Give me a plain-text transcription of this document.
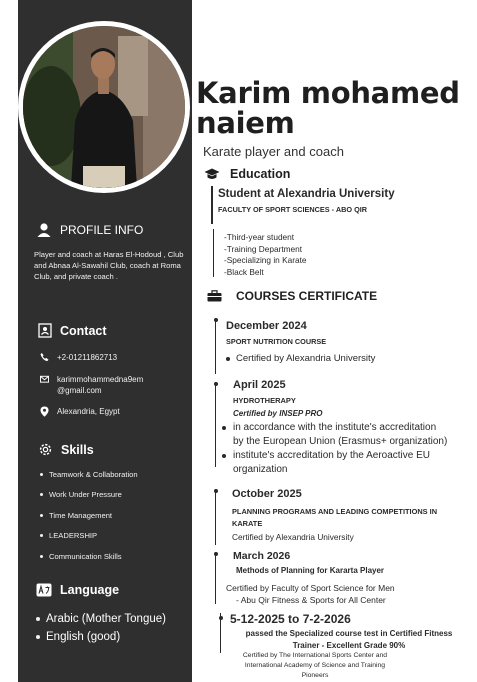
Karim mohamed naiem
Karate player and coach
PROFILE INFO
Player and coach at Haras El-Hodoud , Club and Abnaa Al-Sawahil Club, coach at Roma Club, and private coach .
Contact
+2-01211862713
karimmohammedna9em
@gmail.com
Alexandria, Egypt
Skills
Teamwork & Collaboration
Work Under Pressure
Time Management
LEADERSHIP
Communication Skills
Language
Arabic (Mother Tongue)
English (good)
Education
Student at Alexandria University
FACULTY OF SPORT SCIENCES - ABO QIR
-Third-year student
-Training Department
-Specializing in Karate
-Black Belt
COURSES CERTIFICATE
December 2024
SPORT NUTRITION COURSE
Certified by Alexandria University
April 2025
HYDROTHERAPY
Certified by INSEP PRO
in accordance with the institute's accreditation
by the European Union (Erasmus+ organization)
institute's accreditation by the Aeroactive EU
organization
October 2025
PLANNING PROGRAMS AND LEADING COMPETITIONS IN
KARATE
Certified by Alexandria University
March 2026
Methods of Planning for Kararta Player
Certified by Faculty of Sport Science for Men
- Abu Qir Fitness & Sports for All Center
5-12-2025 to 7-2-2026
passed the Specialized course test in Certified Fitness
Trainer - Excellent Grade 90%
Certified by The International Sports Center and
International Academy of Science and Training
Pioneers
